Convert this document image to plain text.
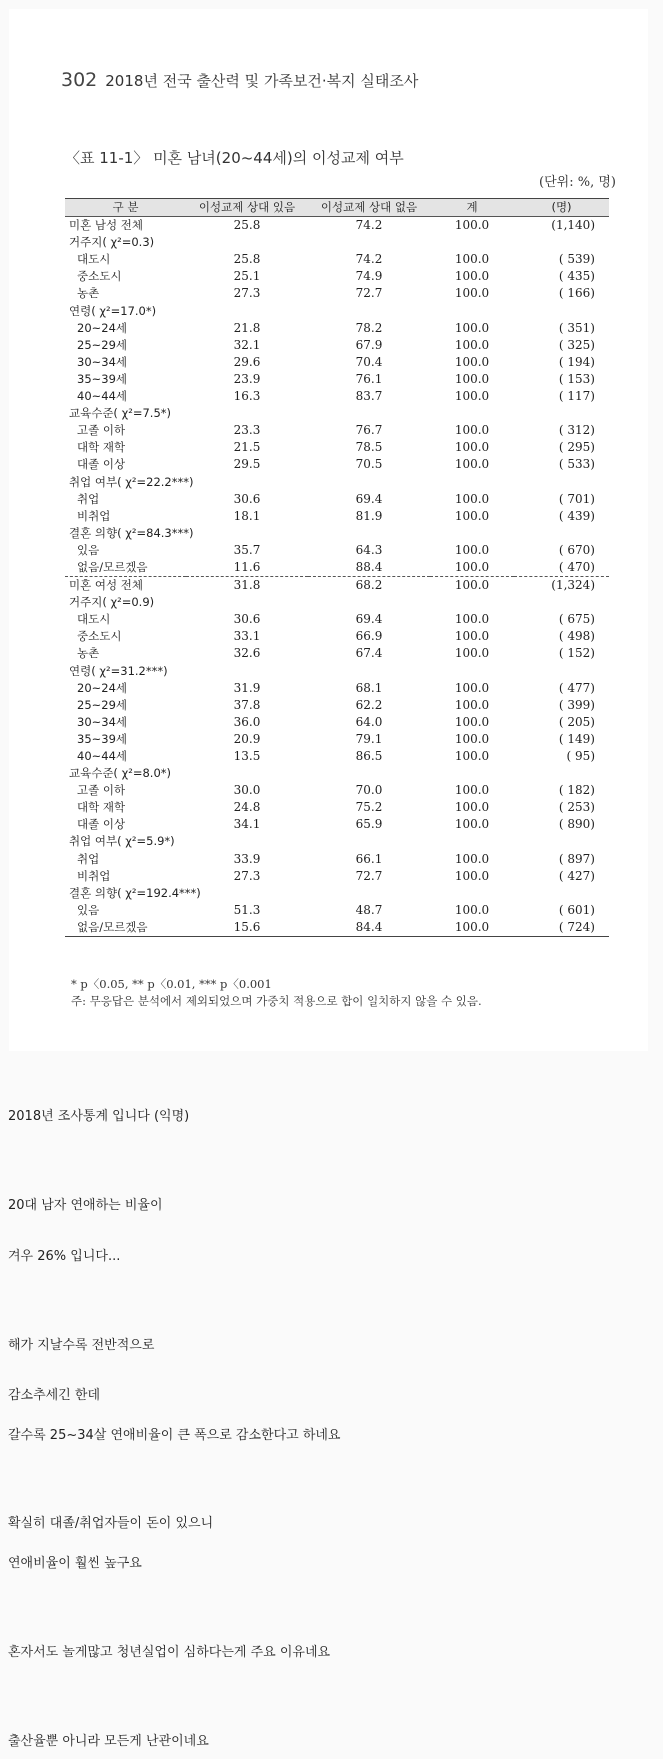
302 2018년 전국 출산력 및 가족보건·복지 실태조사
〈표 11-1〉 미혼 남녀(20~44세)의 이성교제 여부
(단위: %, 명)
구 분	이성교제 상대 있음	이성교제 상대 없음	계	(명)
미혼 남성 전체	25.8	74.2	100.0	(1,140)
거주지( χ²=0.3)				
대도시	25.8	74.2	100.0	( 539)
중소도시	25.1	74.9	100.0	( 435)
농촌	27.3	72.7	100.0	( 166)
연령( χ²=17.0*)				
20~24세	21.8	78.2	100.0	( 351)
25~29세	32.1	67.9	100.0	( 325)
30~34세	29.6	70.4	100.0	( 194)
35~39세	23.9	76.1	100.0	( 153)
40~44세	16.3	83.7	100.0	( 117)
교육수준( χ²=7.5*)				
고졸 이하	23.3	76.7	100.0	( 312)
대학 재학	21.5	78.5	100.0	( 295)
대졸 이상	29.5	70.5	100.0	( 533)
취업 여부( χ²=22.2***)				
취업	30.6	69.4	100.0	( 701)
비취업	18.1	81.9	100.0	( 439)
결혼 의향( χ²=84.3***)				
있음	35.7	64.3	100.0	( 670)
없음/모르겠음	11.6	88.4	100.0	( 470)
미혼 여성 전체	31.8	68.2	100.0	(1,324)
거주지( χ²=0.9)				
대도시	30.6	69.4	100.0	( 675)
중소도시	33.1	66.9	100.0	( 498)
농촌	32.6	67.4	100.0	( 152)
연령( χ²=31.2***)				
20~24세	31.9	68.1	100.0	( 477)
25~29세	37.8	62.2	100.0	( 399)
30~34세	36.0	64.0	100.0	( 205)
35~39세	20.9	79.1	100.0	( 149)
40~44세	13.5	86.5	100.0	( 95)
교육수준( χ²=8.0*)				
고졸 이하	30.0	70.0	100.0	( 182)
대학 재학	24.8	75.2	100.0	( 253)
대졸 이상	34.1	65.9	100.0	( 890)
취업 여부( χ²=5.9*)				
취업	33.9	66.1	100.0	( 897)
비취업	27.3	72.7	100.0	( 427)
결혼 의향( χ²=192.4***)				
있음	51.3	48.7	100.0	( 601)
없음/모르겠음	15.6	84.4	100.0	( 724)
* p〈0.05, ** p〈0.01, *** p〈0.001
주: 무응답은 분석에서 제외되었으며 가중치 적용으로 합이 일치하지 않을 수 있음.
2018년 조사통계 입니다 (익명)
20대 남자 연애하는 비율이
겨우 26% 입니다...
해가 지날수록 전반적으로
감소추세긴 한데
갈수록 25~34살 연애비율이 큰 폭으로 감소한다고 하네요
확실히 대졸/취업자들이 돈이 있으니
연애비율이 훨씬 높구요
혼자서도 놀게많고 청년실업이 심하다는게 주요 이유네요
출산율뿐 아니라 모든게 난관이네요
